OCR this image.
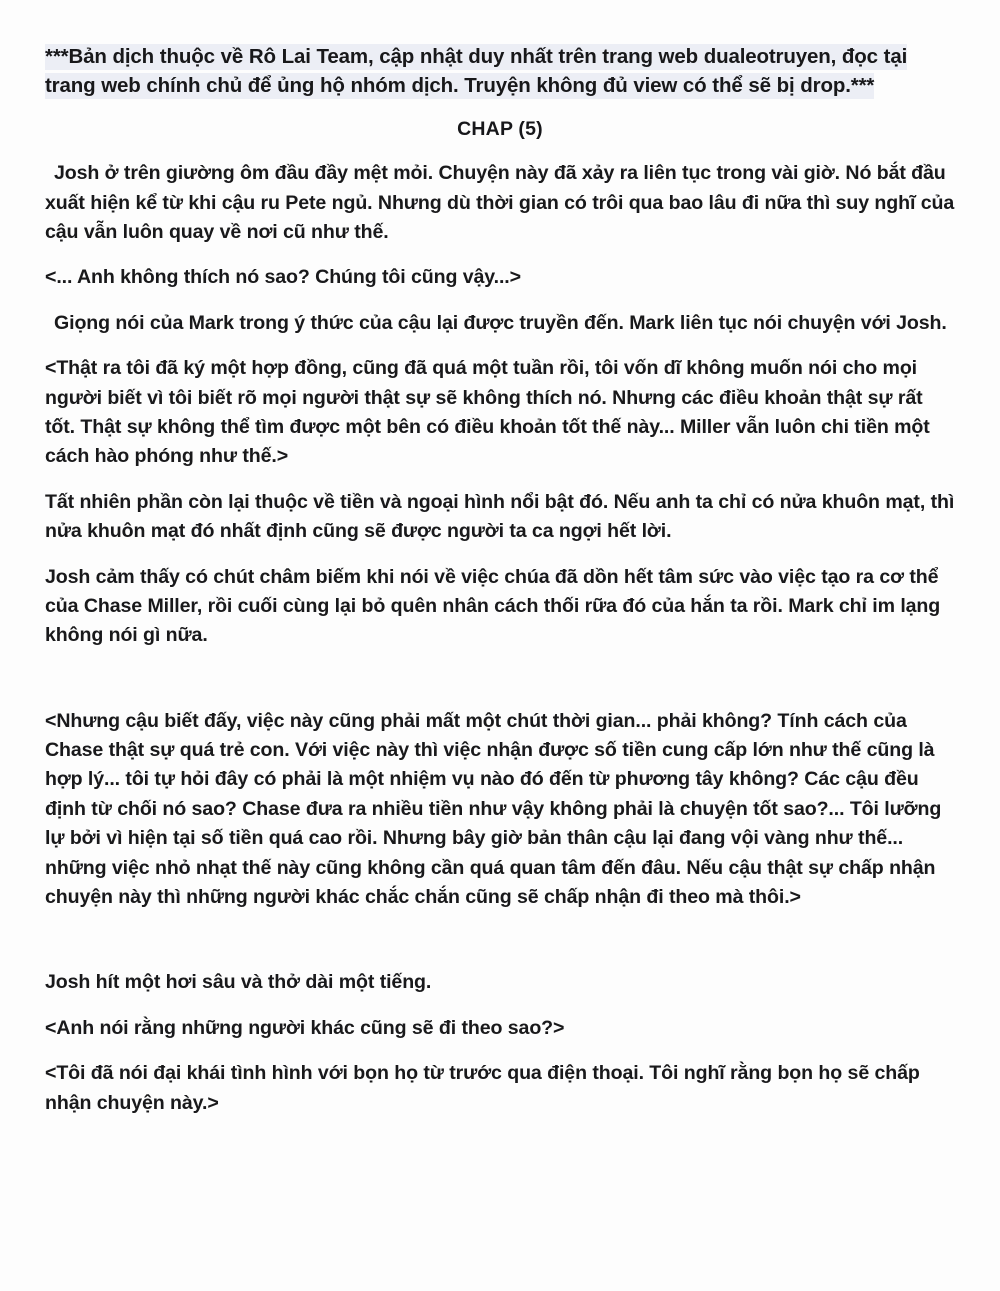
***Bản dịch thuộc về Rô Lai Team, cập nhật duy nhất trên trang web dualeotruyen, đọc tại trang web chính chủ để ủng hộ nhóm dịch. Truyện không đủ view có thể sẽ bị drop.***
CHAP (5)

Josh ở trên giường ôm đầu đầy mệt mỏi. Chuyện này đã xảy ra liên tục trong vài giờ. Nó bắt đầu xuất hiện kể từ khi cậu ru Pete ngủ. Nhưng dù thời gian có trôi qua bao lâu đi nữa thì suy nghĩ của cậu vẫn luôn quay về nơi cũ như thế.

<... Anh không thích nó sao? Chúng tôi cũng vậy...>

Giọng nói của Mark trong ý thức của cậu lại được truyền đến. Mark liên tục nói chuyện với Josh.

<Thật ra tôi đã ký một hợp đồng, cũng đã quá một tuần rồi, tôi vốn dĩ không muốn nói cho mọi người biết vì tôi biết rõ mọi người thật sự sẽ không thích nó. Nhưng các điều khoản thật sự rất tốt. Thật sự không thể tìm được một bên có điều khoản tốt thế này... Miller vẫn luôn chi tiền một cách hào phóng như thế.>

Tất nhiên phần còn lại thuộc về tiền và ngoại hình nổi bật đó. Nếu anh ta chỉ có nửa khuôn mạt, thì nửa khuôn mạt đó nhất định cũng sẽ được người ta ca ngợi hết lời.

Josh cảm thấy có chút châm biếm khi nói về việc chúa đã dồn hết tâm sức vào việc tạo ra cơ thể của Chase Miller, rồi cuối cùng lại bỏ quên nhân cách thối rữa đó của hắn ta rồi. Mark chỉ im lạng không nói gì nữa.

<Nhưng cậu biết đấy, việc này cũng phải mất một chút thời gian... phải không? Tính cách của Chase thật sự quá trẻ con. Với việc này thì việc nhận được số tiền cung cấp lớn như thế cũng là hợp lý... tôi tự hỏi đây có phải là một nhiệm vụ nào đó đến từ phương tây không? Các cậu đều định từ chối nó sao? Chase đưa ra nhiều tiền như vậy không phải là chuyện tốt sao?... Tôi lưỡng lự bởi vì hiện tại số tiền quá cao rồi. Nhưng bây giờ bản thân cậu lại đang vội vàng như thế... những việc nhỏ nhạt thế này cũng không cần quá quan tâm đến đâu. Nếu cậu thật sự chấp nhận chuyện này thì những người khác chắc chắn cũng sẽ chấp nhận đi theo mà thôi.>

Josh hít một hơi sâu và thở dài một tiếng.

<Anh nói rằng những người khác cũng sẽ đi theo sao?>

<Tôi đã nói đại khái tình hình với bọn họ từ trước qua điện thoại. Tôi nghĩ rằng bọn họ sẽ chấp nhận chuyện này.>
